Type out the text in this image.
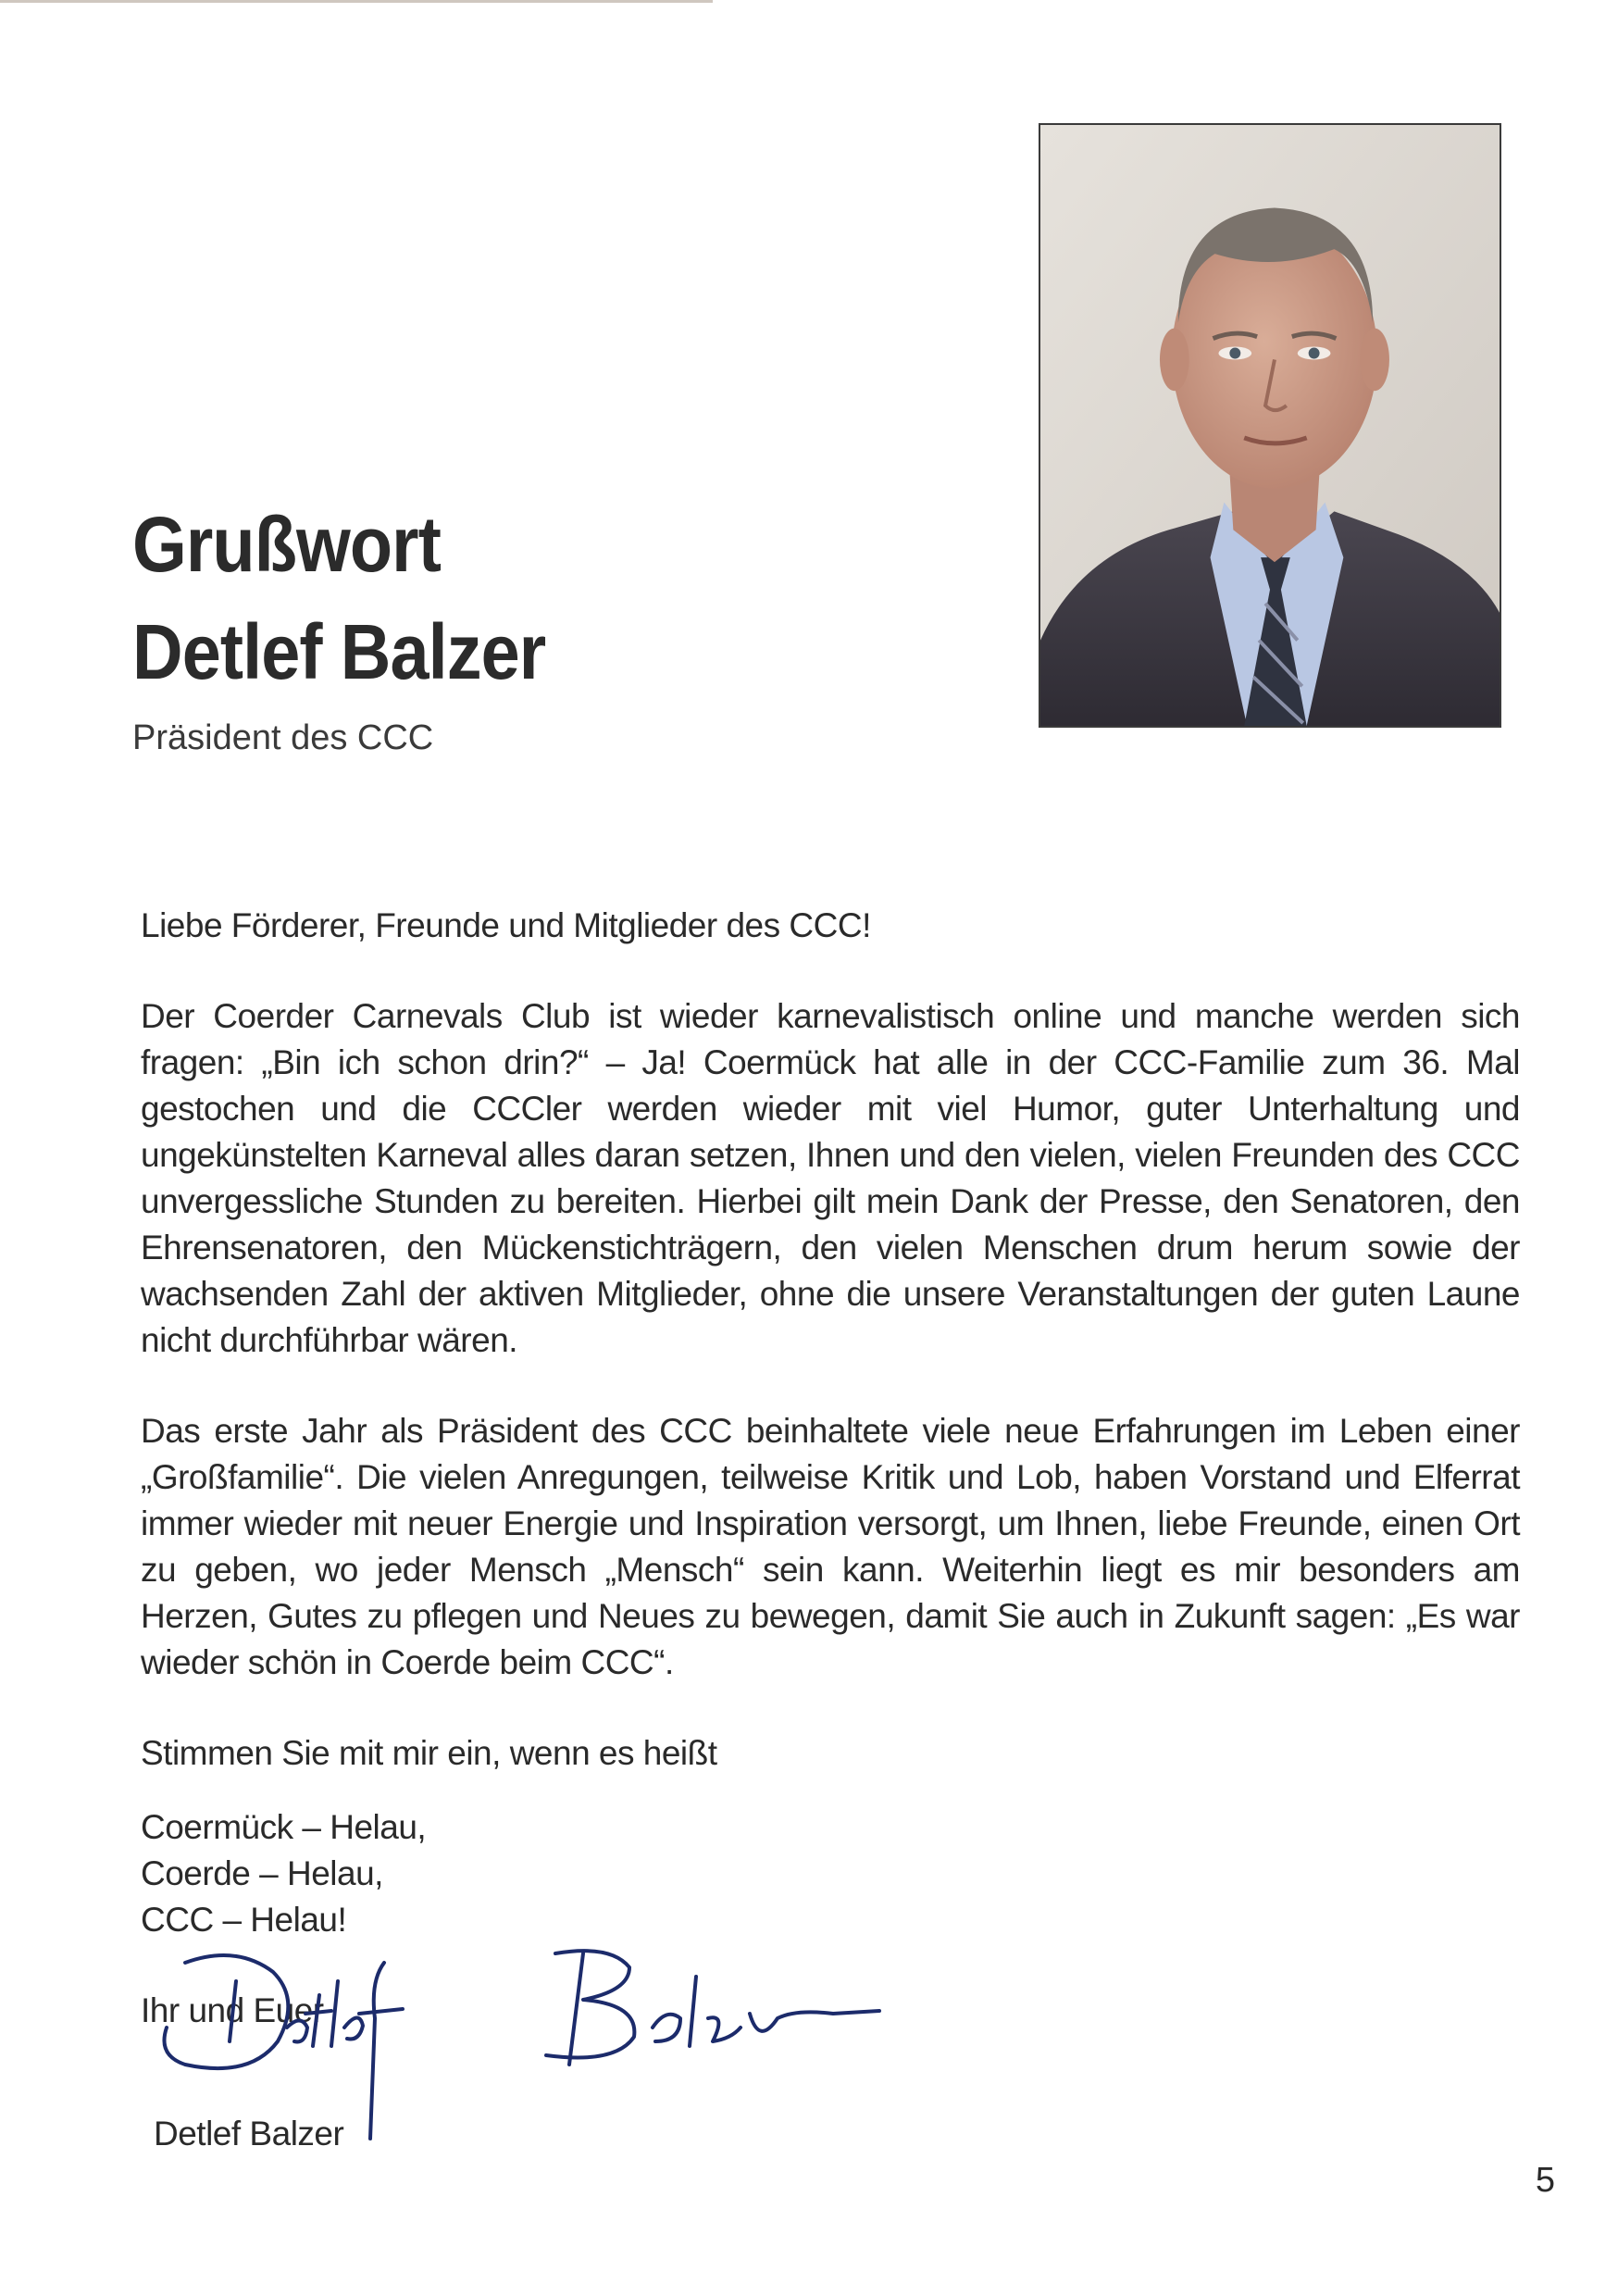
Grußwort
Detlef Balzer
Präsident des CCC

Liebe Förderer, Freunde und Mitglieder des CCC!

Der Coerder Carnevals Club ist wieder karnevalistisch online und manche werden sich fragen: „Bin ich schon drin?“ – Ja! Coermück hat alle in der CCC-Familie zum 36. Mal gestochen und die CCCler werden wieder mit viel Humor, guter Unterhaltung und ungekünstelten Karneval alles daran setzen, Ihnen und den vielen, vielen Freunden des CCC unvergessliche Stunden zu bereiten. Hierbei gilt mein Dank der Presse, den Senatoren, den Ehrensenatoren, den Mückenstichträgern, den vielen Menschen drum herum sowie der wachsenden Zahl der aktiven Mitglieder, ohne die unsere Veranstaltungen der guten Laune nicht durchführbar wären.

Das erste Jahr als Präsident des CCC beinhaltete viele neue Erfahrungen im Leben einer „Großfamilie“. Die vielen Anregungen, teilweise Kritik und Lob, haben Vorstand und Elferrat immer wieder mit neuer Energie und Inspiration versorgt, um Ihnen, liebe Freunde, einen Ort zu geben, wo jeder Mensch „Mensch“ sein kann. Weiterhin liegt es mir besonders am Herzen, Gutes zu pflegen und Neues zu bewegen, damit Sie auch in Zukunft sagen: „Es war wieder schön in Coerde beim CCC“.

Stimmen Sie mit mir ein, wenn es heißt

Coermück – Helau,

Coerde – Helau,

CCC – Helau!

Ihr und Euer

Detlef Balzer
5
